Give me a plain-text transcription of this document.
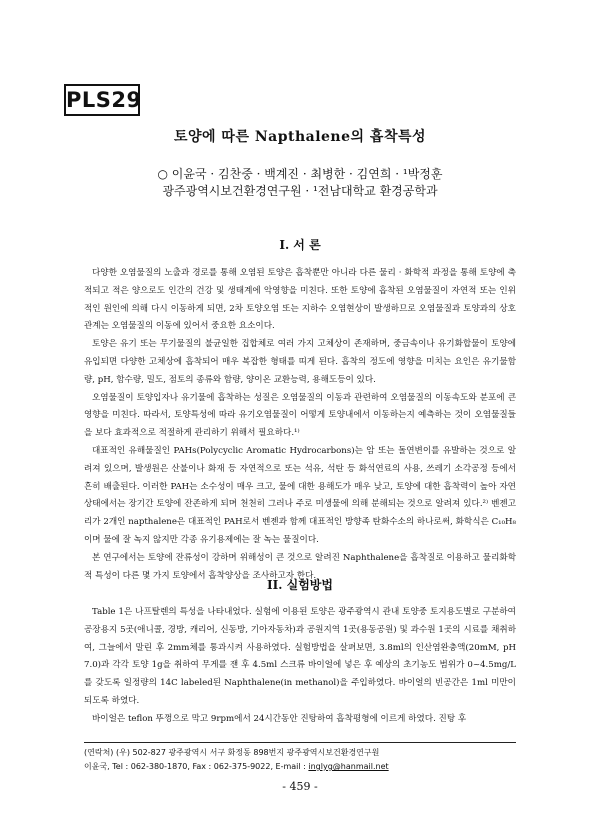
PLS29
토양에 따른 Napthalene의 흡착특성
○ 이윤국 · 김찬중 · 백계진 · 최병한 · 김연희 · ¹박정훈
광주광역시보건환경연구원 · ¹전남대학교 환경공학과
I. 서 론

다양한 오염물질의 노출과 경로를 통해 오염된 토양은 흡착뿐만 아니라 다른 물리 · 화학적 과정을 통해 토양에 축적되고 적은 양으로도 인간의 건강 및 생태계에 악영향을 미친다. 또한 토양에 흡착된 오염물질이 자연적 또는 인위적인 원인에 의해 다시 이동하게 되면, 2차 토양오염 또는 지하수 오염현상이 발생하므로 오염물질과 토양과의 상호관계는 오염물질의 이동에 있어서 중요한 요소이다.

토양은 유기 또는 무기물질의 불균일한 집합체로 여러 가지 고체상이 존재하며, 중금속이나 유기화합물이 토양에 유입되면 다양한 고체상에 흡착되어 매우 복잡한 형태를 띠게 된다. 흡착의 정도에 영향을 미치는 요인은 유기물함량, pH, 함수량, 밀도, 점토의 종류와 함량, 양이온 교환능력, 용해도등이 있다.

오염물질이 토양입자나 유기물에 흡착하는 성질은 오염물질의 이동과 관련하여 오염물질의 이동속도와 분포에 큰 영향을 미친다. 따라서, 토양특성에 따라 유기오염물질이 어떻게 토양내에서 이동하는지 예측하는 것이 오염물질들을 보다 효과적으로 적절하게 관리하기 위해서 필요하다.¹⁾

대표적인 유해물질인 PAHs(Polycyclic Aromatic Hydrocarbons)는 암 또는 돌연변이를 유발하는 것으로 알려져 있으며, 발생원은 산불이나 화재 등 자연적으로 또는 석유, 석탄 등 화석연료의 사용, 쓰레기 소각공정 등에서 흔히 배출된다. 이러한 PAH는 소수성이 매우 크고, 물에 대한 용해도가 매우 낮고, 토양에 대한 흡착력이 높아 자연상태에서는 장기간 토양에 잔존하게 되며 천천히 그러나 주로 미생물에 의해 분해되는 것으로 알려져 있다.²⁾ 벤젠고리가 2개인 napthalene은 대표적인 PAH로서 벤젠과 함께 대표적인 방향족 탄화수소의 하나로써, 화학식은 C₁₀H₈이며 물에 잘 녹지 않지만 각종 유기용제에는 잘 녹는 물질이다.

본 연구에서는 토양에 잔류성이 강하며 위해성이 큰 것으로 알려진 Naphthalene을 흡착질로 이용하고 물리화학적 특성이 다른 몇 가지 토양에서 흡착양상을 조사하고자 한다.

II. 실험방법

Table 1은 나프탈렌의 특성을 나타내었다. 실험에 이용된 토양은 광주광역시 관내 토양중 토지용도별로 구분하여 공장용지 5곳(애니콜, 경방, 캐리어, 신동방, 기아자동차)과 공원지역 1곳(용동공원) 및 과수원 1곳의 시료를 채취하여, 그늘에서 말린 후 2mm체를 통과시켜 사용하였다. 실험방법을 살펴보면, 3.8ml의 인산염완충액(20mM, pH 7.0)과 각각 토양 1g을 취하여 무게를 잰 후 4.5ml 스크류 바이얼에 넣은 후 예상의 초기농도 범위가 0~4.5mg/L를 갖도록 일정량의 14C labeled된 Naphthalene(in methanol)을 주입하였다. 바이얼의 빈공간은 1ml 미만이 되도록 하였다.

바이얼은 teflon 뚜껑으로 막고 9rpm에서 24시간동안 진탕하여 흡착평형에 이르게 하였다. 진탕 후

(연락처) (우) 502-827 광주광역시 서구 화정동 898번지 광주광역시보건환경연구원
이윤국, Tel : 062-380-1870, Fax : 062-375-9022, E-mail : inglyg@hanmail.net
- 459 -
